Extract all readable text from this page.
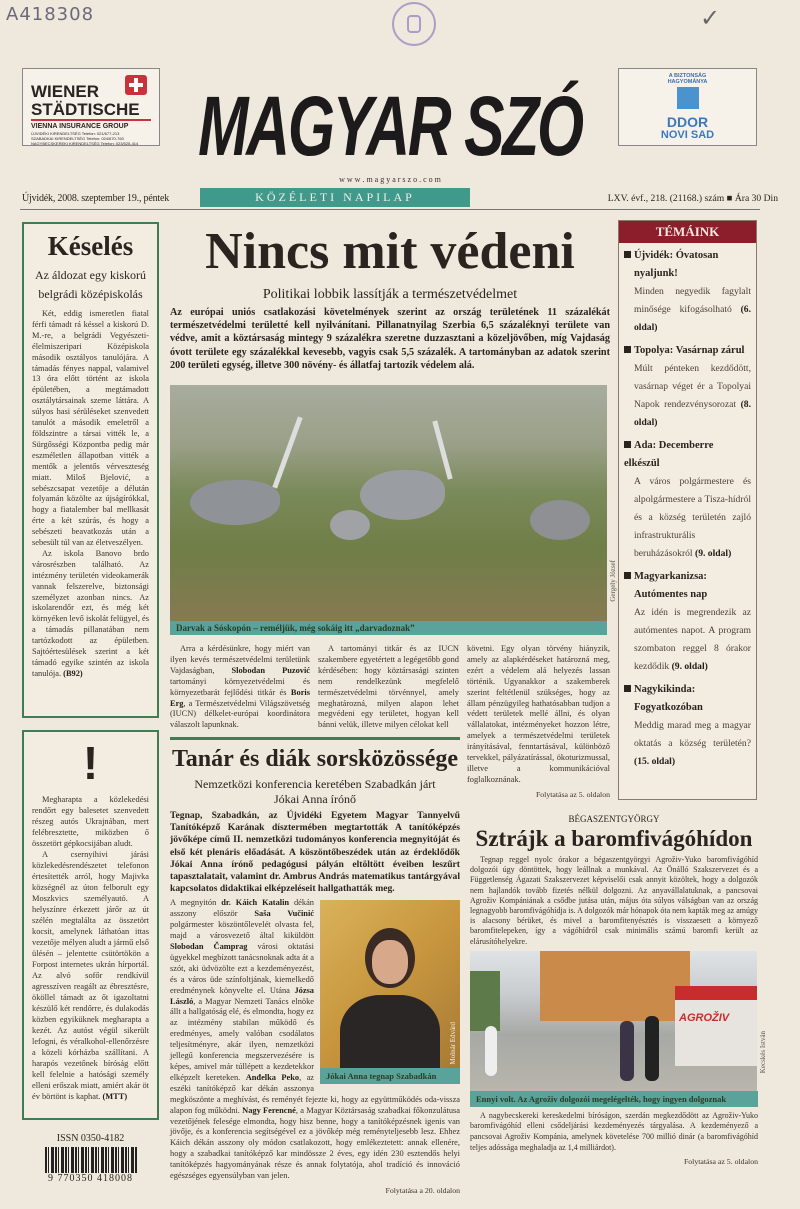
A418308	✓
WIENER
STÄDTISCHE
VIENNA INSURANCE GROUP
ÚJVIDÉKI KIRENDELTSÉG Telefon: 021/677-213
SZABADKAI KIRENDELTSÉG Telefon: 024/670-760
NAGYBECSKEREKI KIRENDELTSÉG Telefon: 023/525-414 MAGYAR SZÓ
w w w . m a g y a r s z o . c o m
A BIZTONSÁG HAGYOMÁNYA
DDOR
NOVI SAD
Újvidék, 2008. szeptember 19., péntek	KÖZÉLETI NAPILAP	LXV. évf., 218. (21168.) szám ■ Ára 30 Din
Késelés
Az áldozat egy kiskorú belgrádi középiskolás

Két, eddig ismeretlen fiatal férfi támadt rá késsel a kiskorú D. M.-re, a belgrádi Vegyészeti-élelmiszeripari Középiskola második osztályos tanulójára. A támadás fényes nappal, valamivel 13 óra előtt történt az iskola épületében, a megtámadott osztálytársainak szeme láttára. A súlyos hasi sérüléseket szenvedett tanulót a második emeletről a földszintre a társai vitték le, a Sürgősségi Központba pedig már eszméletlen állapotban vitték a mentők a jelentős vérveszteség miatt. Miloš Bjelović, a sebészcsapat vezetője a délután folyamán közölte az újságírókkal, hogy a fiatalember bal mellkasát érte a két szúrás, és hogy a sebészeti beavatkozás után a sebesült túl van az életveszélyen.

Az iskola Banovo brdo városrészben található. Az intézmény területén videokamerák vannak felszerelve, biztonsági személyzet azonban nincs. Az iskolarendőr ezt, és még két környéken levő iskolát felügyel, és a támadás pillanatában nem tartózkodott az épületben. Sajtóértesülések szerint a két támadó egyike szintén az iskola tanulója. (B92)

!

Megharapta a közlekedési rendőrt egy balesetet szenvedett részeg autós Ukrajnában, mert felébresztette, miközben ő összetört gépkocsijában aludt.

A csernyihivi járási közlekedésrendészetet telefonon értesítették arról, hogy Majivka községnél az úton felborult egy Moszkvics személyautó. A helyszínre érkezett járőr az út szélén megtalálta az összetört kocsit, amelynek láthatóan ittas vezetője mélyen aludt a jármű első ülésén – jelentette csütörtökön a Forpost internetes ukrán hírportál. Az alvó sofőr rendkívül agresszíven reagált az ébresztésre, ököllel támadt az őt igazoltatni készülő két rendőrre, és dulakodás közben egyiküknek megharapta a kezét. Az autóst végül sikerült lefogni, és véralkohol-ellenőrzésre a közeli kórházba szállítani. A harapós vezetőnek bíróság előtt kell felelnie a hatósági személy elleni erőszak miatt, amiért akár öt év börtönt is kaphat. (MTT)

ISSN 0350-4182
9 770350 418008
Nincs mit védeni
Politikai lobbik lassítják a természetvédelmet
Az európai uniós csatlakozási követelmények szerint az ország területének 11 százalékát természetvédelmi területté kell nyilvánítani. Pillanatnyilag Szerbia 6,5 százaléknyi területe van védve, amit a köztársaság mintegy 9 százalékra szeretne duzzasztani a közeljövőben, míg Vajdaság óvott területe egy százalékkal kevesebb, vagyis csak 5,5 százalék. A tartományban az adatok szerint 200 területi egység, illetve 300 növény- és állatfaj tartozik védelem alá.
Gergely József
Darvak a Sóskopón – reméljük, még sokáig itt „darvadoznak”

Arra a kérdésünkre, hogy miért van ilyen kevés természetvédelmi területünk Vajdaságban, Slobodan Puzović tartományi környezetvédelmi és környezetbarát fejlődési titkár és Boris Erg, a Természetvédelmi Világszövetség (IUCN) délkelet-európai koordinátora válaszolt lapunknak.

A tartományi titkár és az IUCN szakembere egyetértett a legégetőbb gond kérdésében: hogy köztársasági szinten nem rendelkezünk megfelelő természetvédelmi törvénnyel, amely meghatározná, milyen alapon lehet megvédeni egy területet, hogyan kell bánni velük, illetve milyen célokat kell

követni. Egy olyan törvény hiányzik, amely az alapkérdéseket határozná meg, ezért a védelem alá helyezés lassan történik. Ugyanakkor a szakemberek szerint feltétlenül szükséges, hogy az állam pénzügyileg hathatósabban tudjon a védett területek mellé állni, és olyan vállalatokat, intézményeket hozzon létre, amelyek a természetvédelmi területek irányításával, fenntartásával, különböző tervekkel, pályázatírással, ökoturizmussal, illetve a kommunikációval foglalkoznának.

Folytatása az 5. oldalon
Tanár és diák sorsközössége
Nemzetközi konferencia keretében Szabadkán járt Jókai Anna írónő
Tegnap, Szabadkán, az Újvidéki Egyetem Magyar Tannyelvű Tanítóképző Karának dísztermében megtartották A tanítóképzés jövőképe című II. nemzetközi tudományos konferencia megnyitóját és első két plenáris előadását. A köszöntőbeszédek után az érdeklődők Jókai Anna írónő pedagógusi pályán eltöltött éveiben leszűrt tapasztalatait, valamint dr. Ambrus András matematikus tantárgyával kapcsolatos didaktikai elképzeléseit hallgathatták meg.
Molnár Edvárd
Jókai Anna tegnap Szabadkán

A megnyitón dr. Káich Katalin dékán asszony először Saša Vučinić polgármester köszöntőlevelét olvasta fel, majd a városvezető által kiküldött Slobodan Čamprag városi oktatási ügyekkel megbízott tanácsnoknak adta át a szót, aki üdvözölte ezt a kezdeményezést, és a város üde színfoltjának, kiemelkedő eredménynek könyvelte el. Utána Józsa László, a Magyar Nemzeti Tanács elnöke állt a hallgatóság elé, és elmondta, hogy ez az intézmény stabilan működő és eredményes, amely valóban csodálatos teljesítményre, akár ilyen, nemzetközi jellegű konferencia megszervezésére is képes, amivel már túllépett a kezdetekkor elképzelt kereteken. Anđelka Peko, az eszéki tanítóképző kar dékán asszonya megköszönte a meghívást, és reményét fejezte ki, hogy az együttműködés oda-vissza alapon fog működni. Nagy Ferencné, a Magyar Köztársaság szabadkai főkonzulátusa vezetőjének felesége elmondta, hogy hisz benne, hogy a tanítóképzésnek igenis van jövője, és a konferencia segítségével ez a jövőkép még reményteljesebb lesz. Ehhez Káich dékán asszony oly módon csatlakozott, hogy emlékeztetett: annak ellenére, hogy a szabadkai tanítóképző kar mindössze 2 éves, egy idén 230 esztendős helyi tanítóképzés hagyományának része és annak folytatója, ahol tradíció és innováció egészséges egyensúlyban van jelen.
Folytatása a 20. oldalon
TÉMÁINK
Újvidék: Óvatosan
nyaljunk!
Minden negyedik fagylalt minősége kifogásolható (6. oldal)
Topolya: Vasárnap zárul
Múlt pénteken kezdődött, vasárnap véget ér a Topolyai Napok rendezvénysorozat (8. oldal)
Ada: Decemberre elkészül
A város polgármestere és alpolgármestere a Tisza-hídról és a község területén zajló infrastrukturális beruházásokról (9. oldal)
Magyarkanizsa:
Autómentes nap
Az idén is megrendezik az autómentes napot. A program szombaton reggel 8 órakor kezdődik (9. oldal)
Nagykikinda:
Fogyatkozóban
Meddig marad meg a magyar oktatás a község területén? (15. oldal)
BÉGASZENTGYÖRGY
Sztrájk a baromfivágóhídon

Tegnap reggel nyolc órakor a bégaszentgyörgyi Agroživ-Yuko baromfivágóhíd dolgozói úgy döntöttek, hogy leállnak a munkával. Az Önálló Szakszervezet és a Függetlenség Ágazati Szakszervezet képviselői csak annyit közöltek, hogy a dolgozók nem hajlandók tovább fizetés nélkül dolgozni. Az anyavállalatuknak, a pancsovai Agroživ Kompániának a csődbe jutása után, május óta súlyos válságban van az ország legnagyobb baromfivágóhídja is. A dolgozók már hónapok óta nem kapták meg az amúgy is alacsony bérüket, és mivel a baromfitenyésztés is visszaesett a környező baromfitelepeken, így a vágóhídról csak minimális számú baromfi került az elárusítóhelyekre.

AGROŽIV
Kecskés István
Ennyi volt. Az Agroživ dolgozói megelégelték, hogy ingyen dolgoznak

A nagybecskereki kereskedelmi bíróságon, szerdán megkezdődött az Agroživ-Yuko baromfivágóhíd elleni csődeljárási kezdeményezés tárgyalása. A kezdeményező a pancsovai Agroživ Kompánia, amelynek követelése 700 millió dinár (a baromfivágóhíd teljes adóssága meghaladja az 1,4 milliárdot).

Folytatása az 5. oldalon
